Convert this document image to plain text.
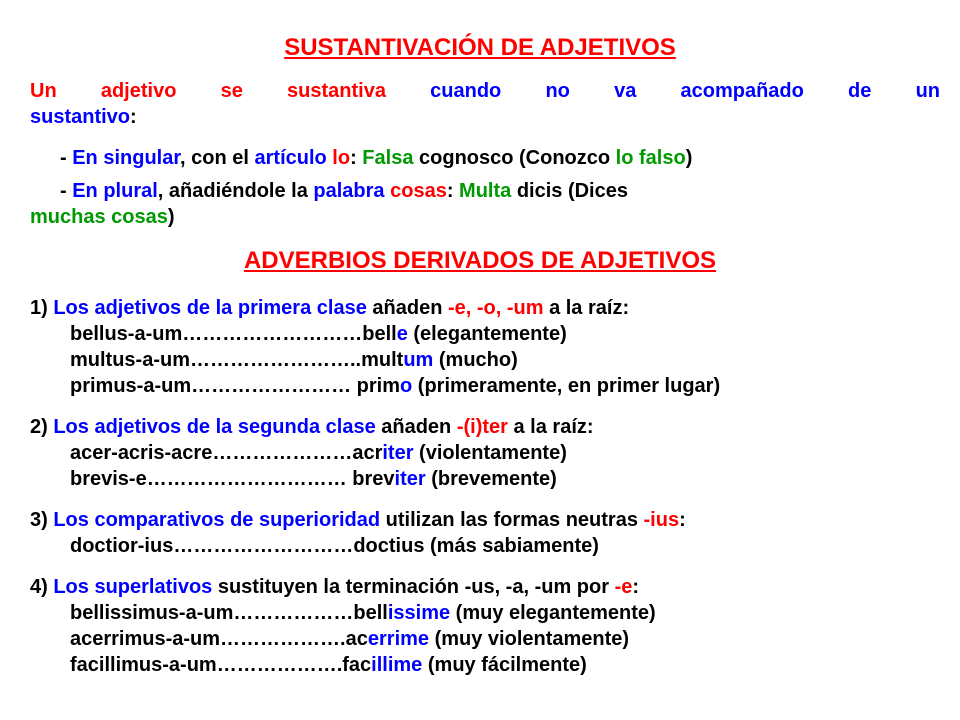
SUSTANTIVACIÓN DE ADJETIVOS
Un adjetivo se sustantiva cuando no va acompañado de un
sustantivo:
- En singular, con el artículo lo: Falsa cognosco (Conozco lo falso)
- En plural, añadiéndole la palabra cosas: Multa dicis (Dices
muchas cosas)
ADVERBIOS DERIVADOS DE ADJETIVOS
1) Los adjetivos de la primera clase añaden -e, -o, -um a la raíz:
bellus-a-um………………………belle (elegantemente)
multus-a-um……………………..multum (mucho)
primus-a-um…………………… primo (primeramente, en primer lugar)
2) Los adjetivos de la segunda clase añaden -(i)ter a la raíz:
acer-acris-acre…………………acriter (violentamente)
brevis-e………………………… breviter (brevemente)
3) Los comparativos de superioridad utilizan las formas neutras -ius:
doctior-ius………………………doctius (más sabiamente)
4) Los superlativos sustituyen la terminación -us, -a, -um por -e:
bellissimus-a-um………………bellissime (muy elegantemente)
acerrimus-a-um……………….acerrime (muy violentamente)
facillimus-a-um……………….facillime (muy fácilmente)
